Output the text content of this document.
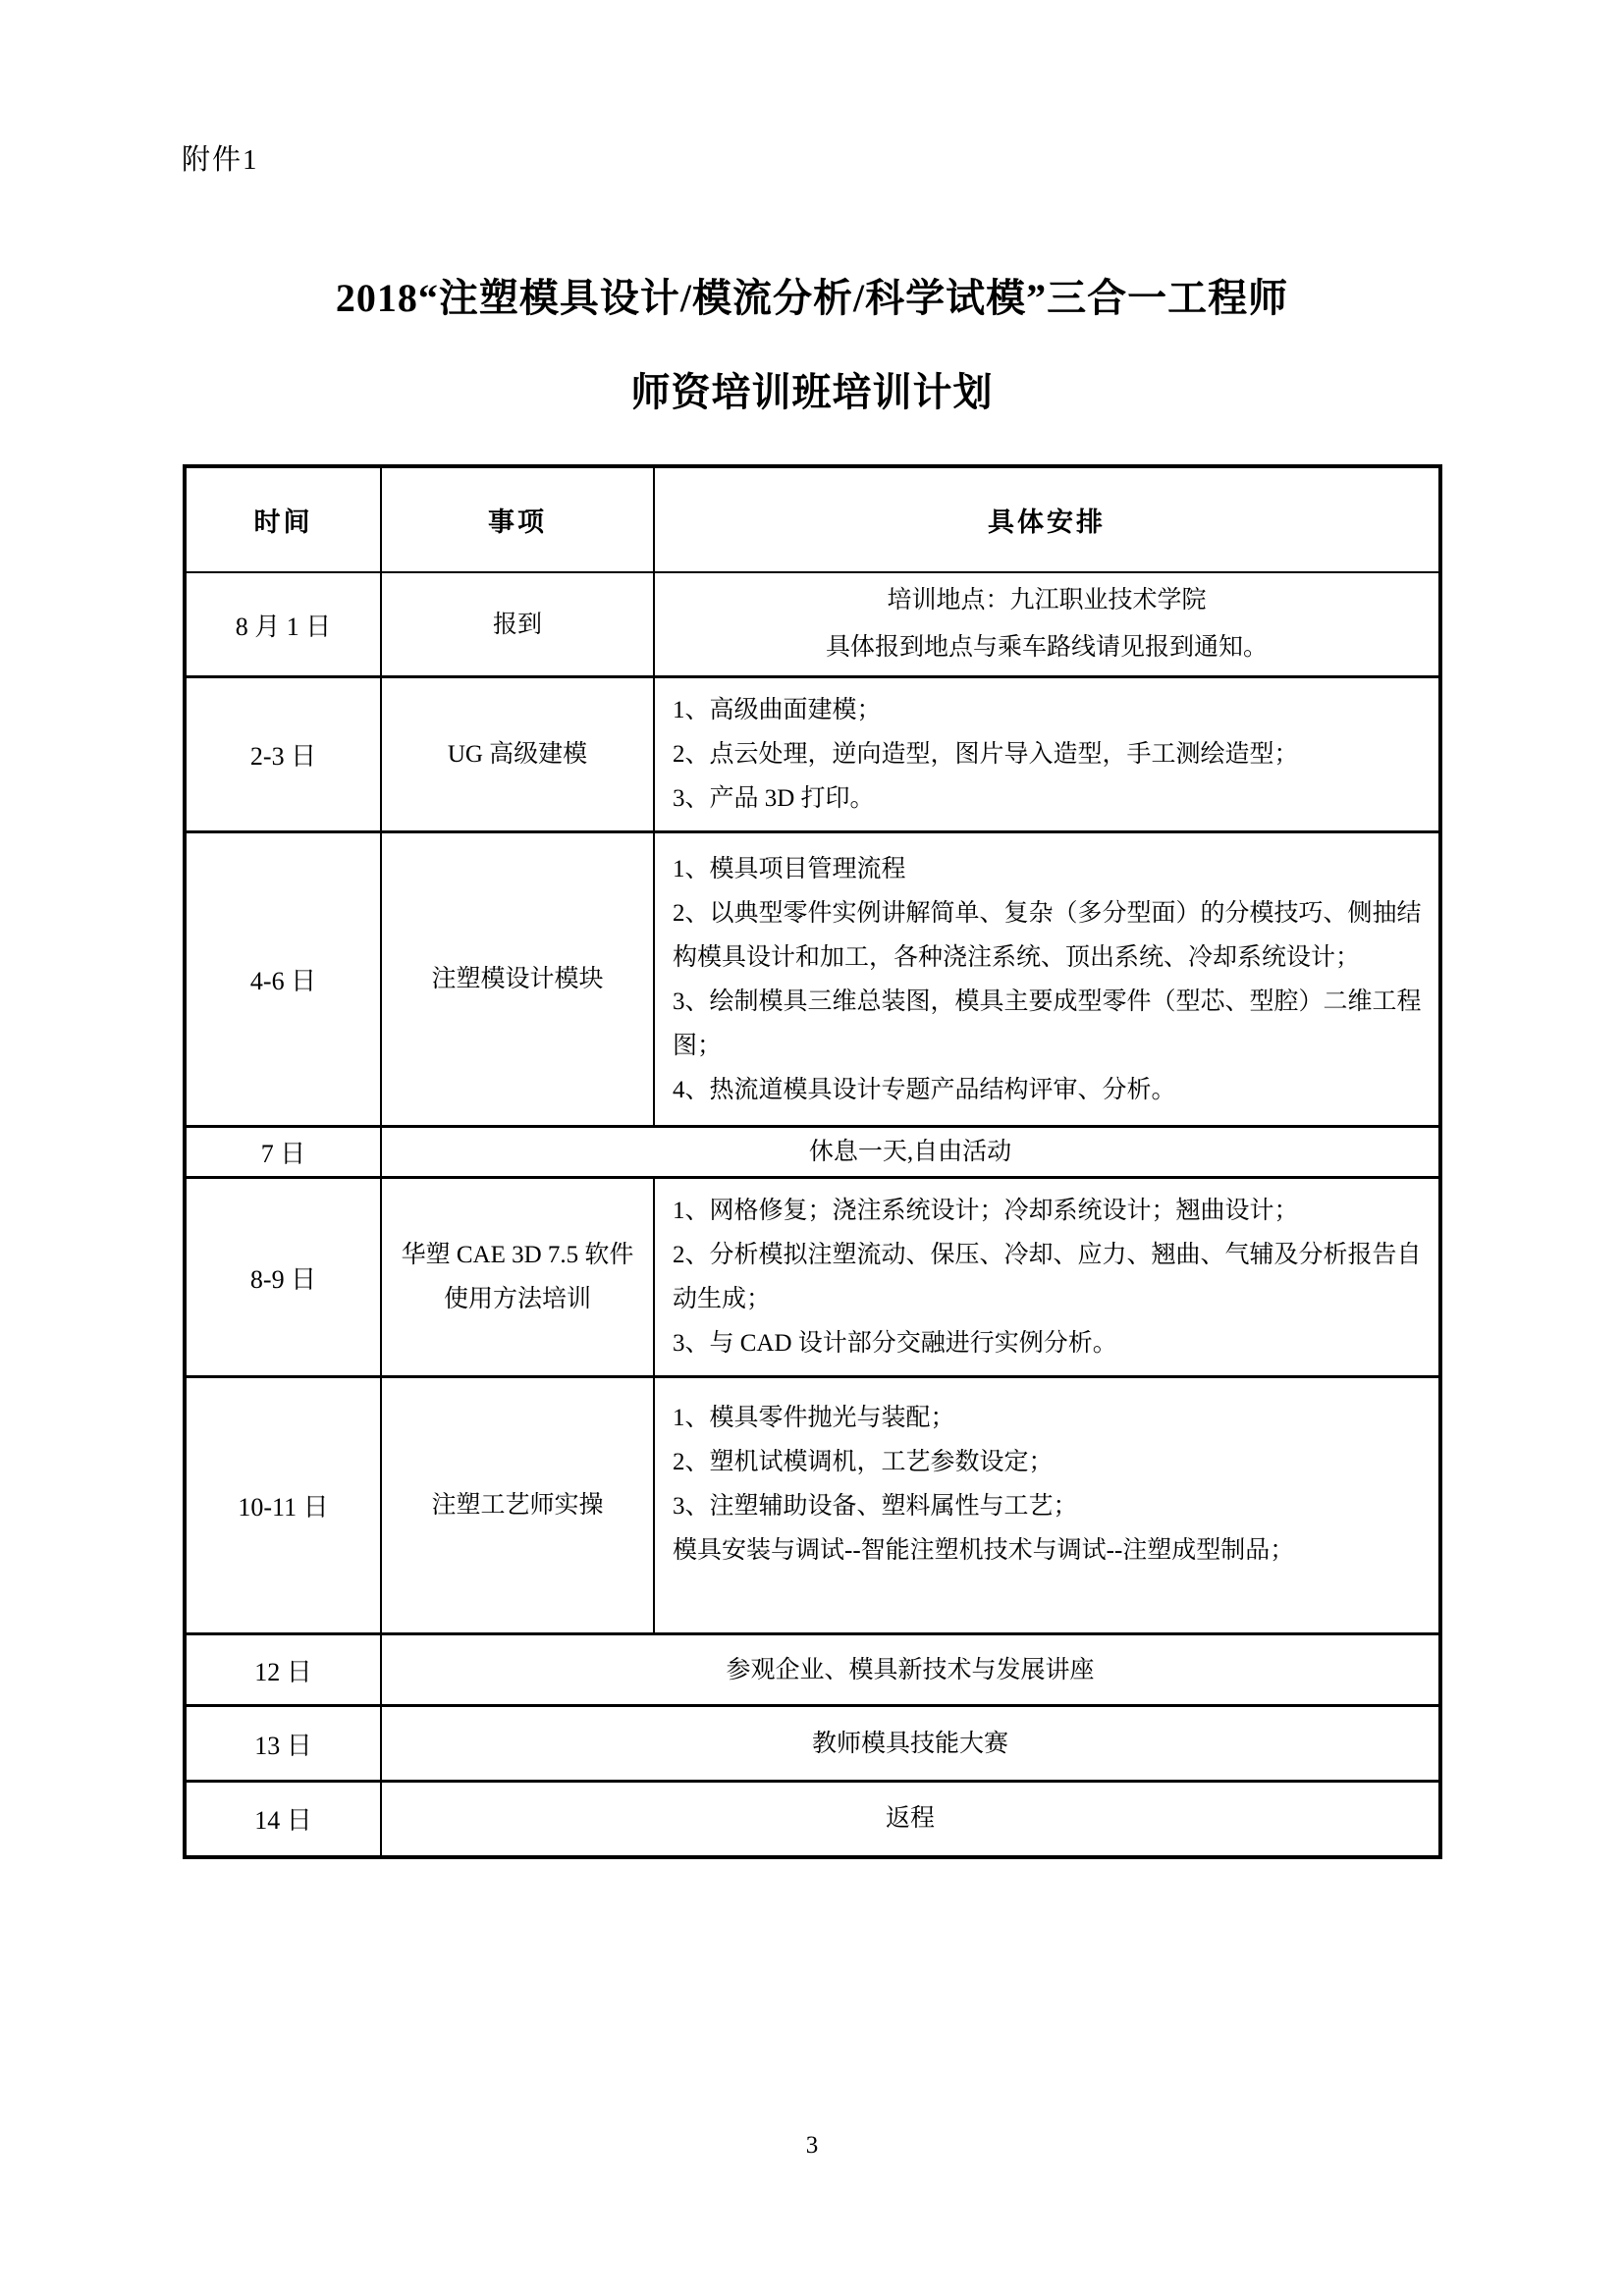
附件1
2018“注塑模具设计/模流分析/科学试模”三合一工程师
师资培训班培训计划
时间	事项	具体安排
8 月 1 日	报到	培训地点：九江职业技术学院
具体报到地点与乘车路线请见报到通知。

2-3 日	UG 高级建模	1、高级曲面建模；
2、点云处理，逆向造型，图片导入造型，手工测绘造型；
3、产品 3D 打印。

4-6 日	注塑模设计模块	1、模具项目管理流程
2、以典型零件实例讲解简单、复杂（多分型面）的分模技巧、侧抽结构模具设计和加工，各种浇注系统、顶出系统、冷却系统设计；
3、绘制模具三维总装图，模具主要成型零件（型芯、型腔）二维工程图；
4、热流道模具设计专题产品结构评审、分析。

7 日	休息一天,自由活动	
8-9 日	华塑 CAE 3D 7.5 软件使用方法培训	1、网格修复；浇注系统设计；冷却系统设计；翘曲设计；
2、分析模拟注塑流动、保压、冷却、应力、翘曲、气辅及分析报告自动生成；
3、与 CAD 设计部分交融进行实例分析。

10-11 日	注塑工艺师实操	1、模具零件抛光与装配；
2、塑机试模调机，工艺参数设定；
3、注塑辅助设备、塑料属性与工艺；
模具安装与调试--智能注塑机技术与调试--注塑成型制品；

12 日	参观企业、模具新技术与发展讲座	
13 日	教师模具技能大赛	
14 日	返程	
3
